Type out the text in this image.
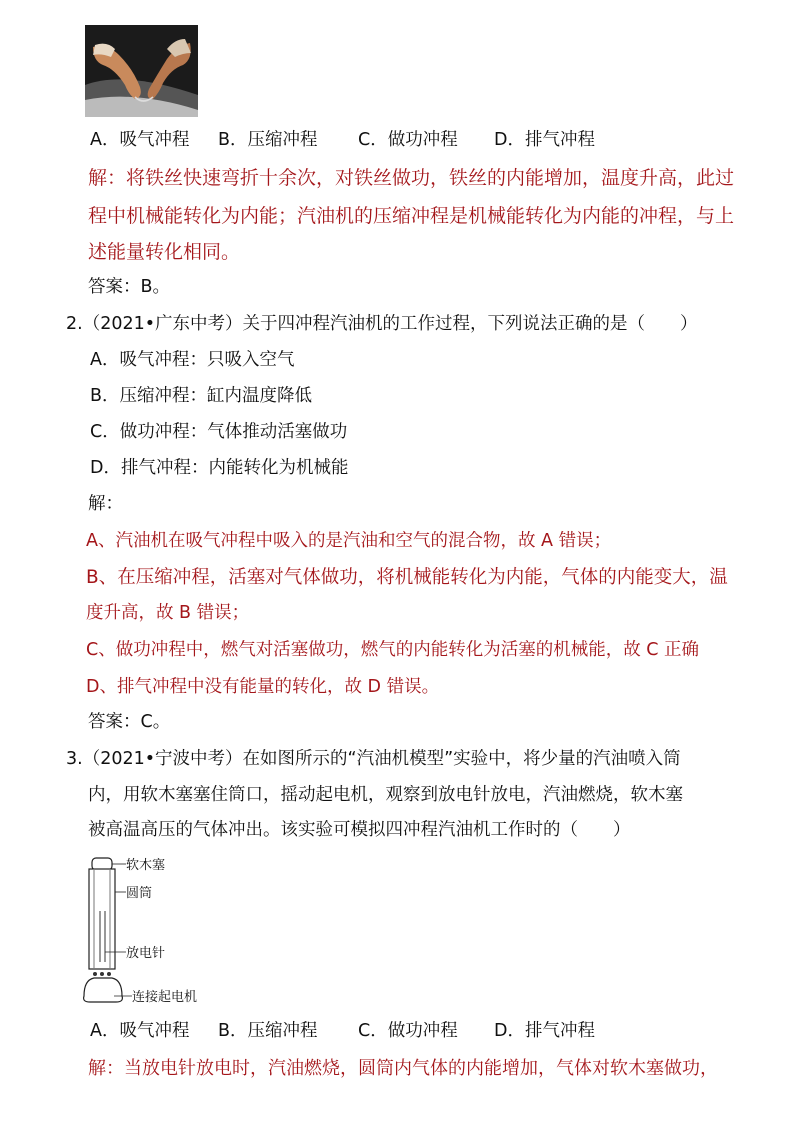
A．吸气冲程 B．压缩冲程 C．做功冲程 D．排气冲程
解：将铁丝快速弯折十余次，对铁丝做功，铁丝的内能增加，温度升高，此过
程中机械能转化为内能；汽油机的压缩冲程是机械能转化为内能的冲程，与上
述能量转化相同。
答案：B。
2.（2021•广东中考）关于四冲程汽油机的工作过程，下列说法正确的是（　　）
A．吸气冲程：只吸入空气
B．压缩冲程：缸内温度降低
C．做功冲程：气体推动活塞做功
D．排气冲程：内能转化为机械能
解：
A、汽油机在吸气冲程中吸入的是汽油和空气的混合物，故 A 错误；
B、在压缩冲程，活塞对气体做功，将机械能转化为内能，气体的内能变大，温
度升高，故 B 错误；
C、做功冲程中，燃气对活塞做功，燃气的内能转化为活塞的机械能，故 C 正确
D、排气冲程中没有能量的转化，故 D 错误。
答案：C。
3.（2021•宁波中考）在如图所示的“汽油机模型”实验中，将少量的汽油喷入筒
内，用软木塞塞住筒口，摇动起电机，观察到放电针放电，汽油燃烧，软木塞
被高温高压的气体冲出。该实验可模拟四冲程汽油机工作时的（　　）
软木塞
圆筒
放电针
连接起电机
A．吸气冲程 B．压缩冲程 C．做功冲程 D．排气冲程
解：当放电针放电时，汽油燃烧，圆筒内气体的内能增加，气体对软木塞做功，
